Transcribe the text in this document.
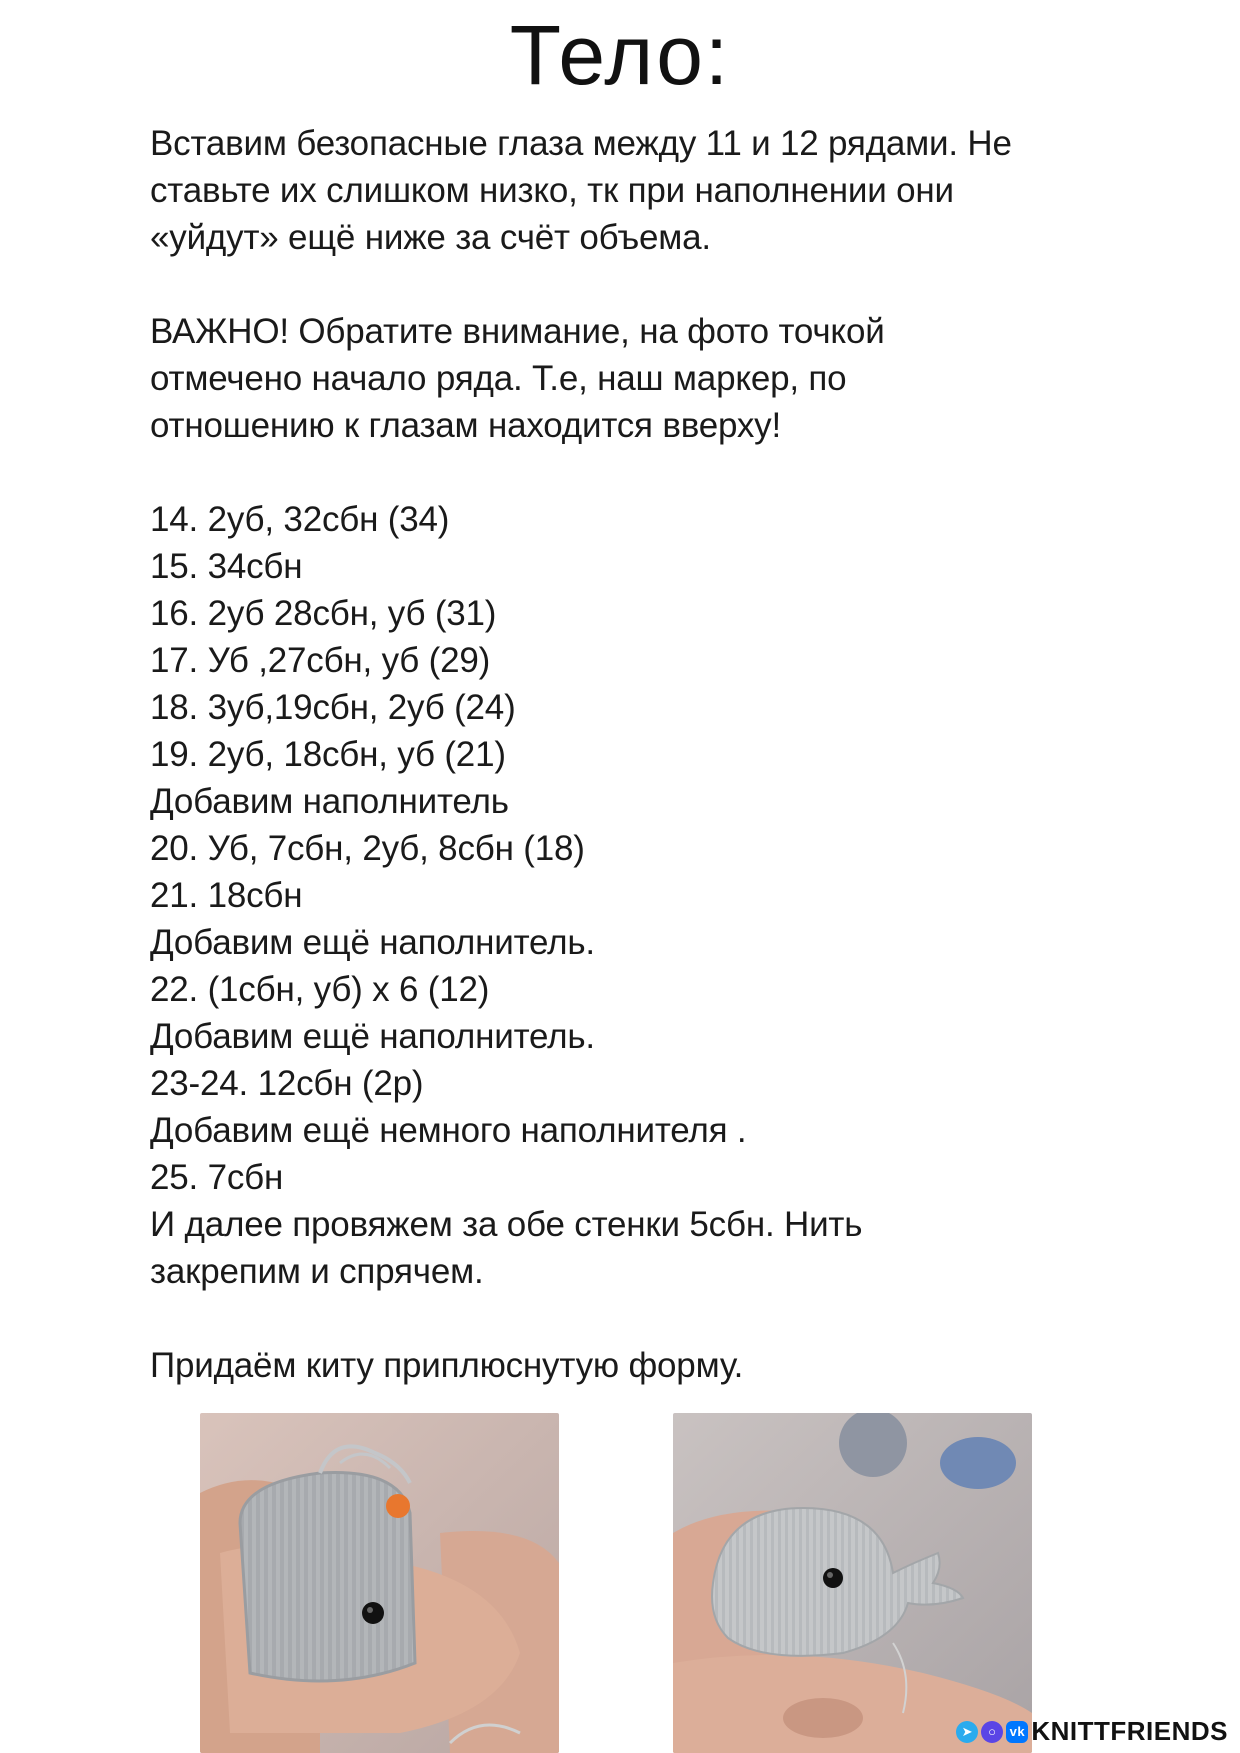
Тело:

Вставим безопасные глаза между 11 и 12 рядами. Не

ставьте их слишком низко, тк при наполнении они

«уйдут» ещё ниже за счёт объема.

ВАЖНО! Обратите внимание, на фото точкой

отмечено начало ряда. Т.е, наш маркер, по

отношению к глазам находится вверху!

14. 2уб, 32сбн (34)

15. 34сбн

16. 2уб 28сбн, уб (31)

17. Уб ,27сбн, уб (29)

18. 3уб,19сбн, 2уб (24)

19. 2уб, 18сбн, уб (21)

Добавим наполнитель

20. Уб, 7сбн, 2уб, 8сбн (18)

21. 18сбн

Добавим ещё наполнитель.

22. (1сбн, уб) х 6 (12)

Добавим ещё наполнитель.

23-24. 12сбн (2р)

Добавим ещё немного наполнителя .

25. 7сбн

И далее провяжем за обе стенки 5сбн. Нить

закрепим и спрячем.

Придаём киту приплюснутую форму.

➤	○	vk KNITTFRIENDS
